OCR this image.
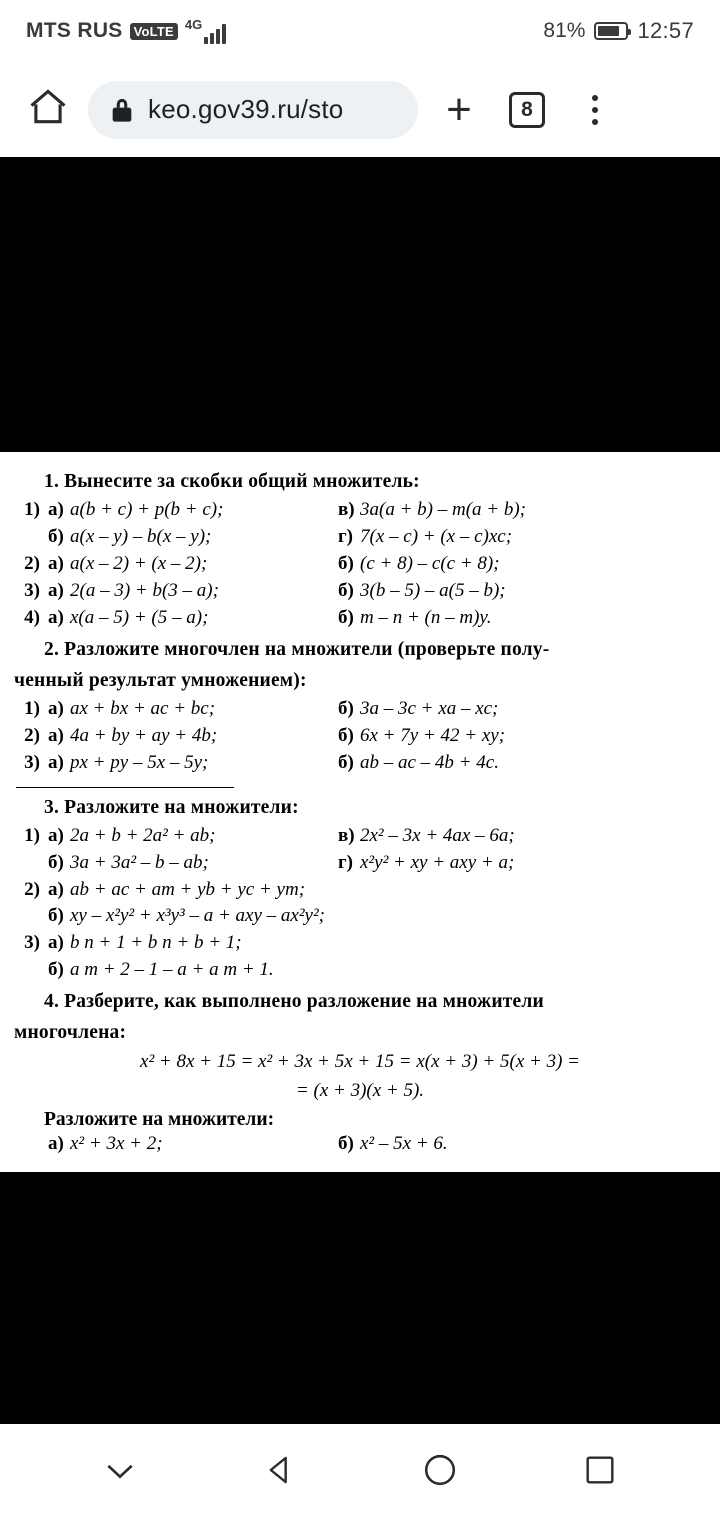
MTS RUS VoLTE 4G	81% 12:57
keo.gov39.ru/sto +	8
1. Вынесите за скобки общий множитель:
1) а) a(b + c) + p(b + c);	в) 3a(a + b) – m(a + b);
б) a(x – y) – b(x – y);	г) 7(x – c) + (x – c)xc;
2) а) a(x – 2) + (x – 2);	б) (c + 8) – c(c + 8);
3) а) 2(a – 3) + b(3 – a);	б) 3(b – 5) – a(5 – b);
4) а) x(a – 5) + (5 – a);	б) m – n + (n – m)y.
2. Разложите многочлен на множители (проверьте полу-
ченный результат умножением):
1) а) ax + bx + ac + bc;	б) 3a – 3c + xa – xc;
2) а) 4a + by + ay + 4b;	б) 6x + 7y + 42 + xy;
3) а) px + py – 5x – 5y;	б) ab – ac – 4b + 4c.
3. Разложите на множители:
1) а) 2a + b + 2a² + ab;	в) 2x² – 3x + 4ax – 6a;
б) 3a + 3a² – b – ab;	г) x²y² + xy + axy + a;
2) а) ab + ac + am + yb + yc + ym;
б) xy – x²y² + x³y³ – a + axy – ax²y²;
3) а) b n + 1 + b n + b + 1;
б) a m + 2 – 1 – a + a m + 1.
4. Разберите, как выполнено разложение на множители
многочлена:
x² + 8x + 15 = x² + 3x + 5x + 15 = x(x + 3) + 5(x + 3) =
= (x + 3)(x + 5).
Разложите на множители:
а) x² + 3x + 2;	б) x² – 5x + 6.
